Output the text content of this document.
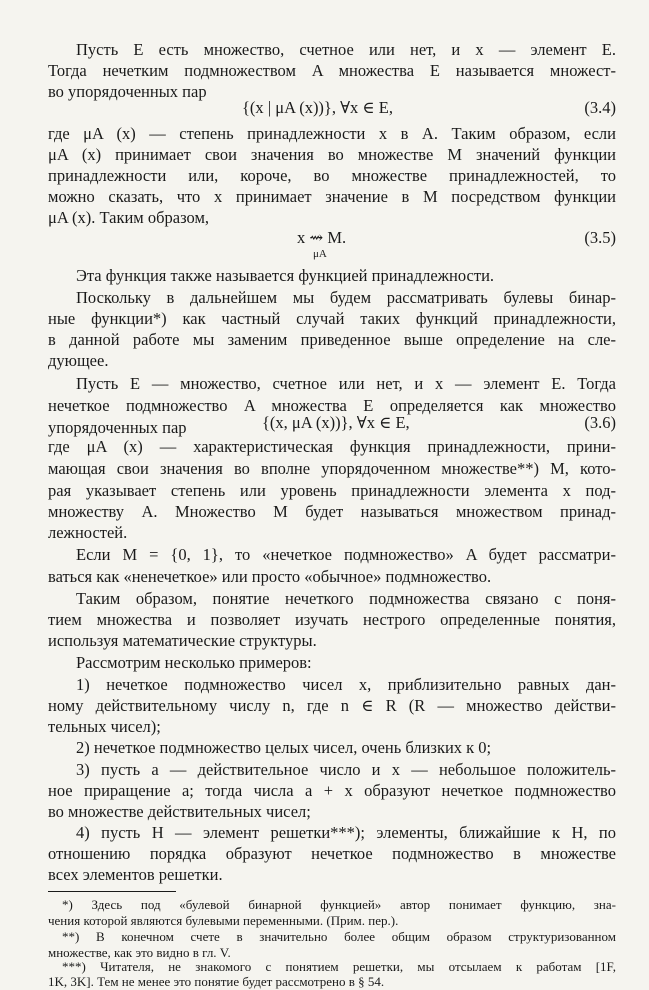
Пусть E есть множество, счетное или нет, и x — элемент E.
Тогда нечетким подмножеством A множества E называется множест-
во упорядоченных пар
{(x | μA (x))}, ∀x ∈ E,	(3.4)
где μA (x) — степень принадлежности x в A. Таким образом, если
μA (x) принимает свои значения во множестве M значений функции
принадлежности или, короче, во множестве принадлежностей, то
можно сказать, что x принимает значение в M посредством функции
μA (x). Таким образом,
x ⇝ M.
μA
(3.5)
Эта функция также называется функцией принадлежности.
Поскольку в дальнейшем мы будем рассматривать булевы бинар-
ные функции*) как частный случай таких функций принадлежности,
в данной работе мы заменим приведенное выше определение на сле-
дующее.
Пусть E — множество, счетное или нет, и x — элемент E. Тогда
нечеткое подмножество A множества E определяется как множество
упорядоченных пар	{(x, μA (x))}, ∀x ∈ E,	(3.6)
где μA (x) — характеристическая функция принадлежности, прини-
мающая свои значения во вполне упорядоченном множестве**) M, кото-
рая указывает степень или уровень принадлежности элемента x под-
множеству A. Множество M будет называться множеством принад-
лежностей.
Если M = {0, 1}, то «нечеткое подмножество» A будет рассматри-
ваться как «ненечеткое» или просто «обычное» подмножество.
Таким образом, понятие нечеткого подмножества связано с поня-
тием множества и позволяет изучать нестрого определенные понятия,
используя математические структуры.
Рассмотрим несколько примеров:
1) нечеткое подмножество чисел x, приблизительно равных дан-
ному действительному числу n, где n ∈ R (R — множество действи-
тельных чисел);
2) нечеткое подмножество целых чисел, очень близких к 0;
3) пусть a — действительное число и x — небольшое положитель-
ное приращение a; тогда числа a + x образуют нечеткое подмножество
во множестве действительных чисел;
4) пусть H — элемент решетки***); элементы, ближайшие к H, по
отношению порядка образуют нечеткое подмножество в множестве
всех элементов решетки.
*) Здесь под «булевой бинарной функцией» автор понимает функцию, зна-
чения которой являются булевыми переменными. (Прим. пер.).
**) В конечном счете в значительно более общим образом структуризованном
множестве, как это видно в гл. V.
***) Читателя, не знакомого с понятием решетки, мы отсылаем к работам [1F,
1K, 3K]. Тем не менее это понятие будет рассмотрено в § 54.
